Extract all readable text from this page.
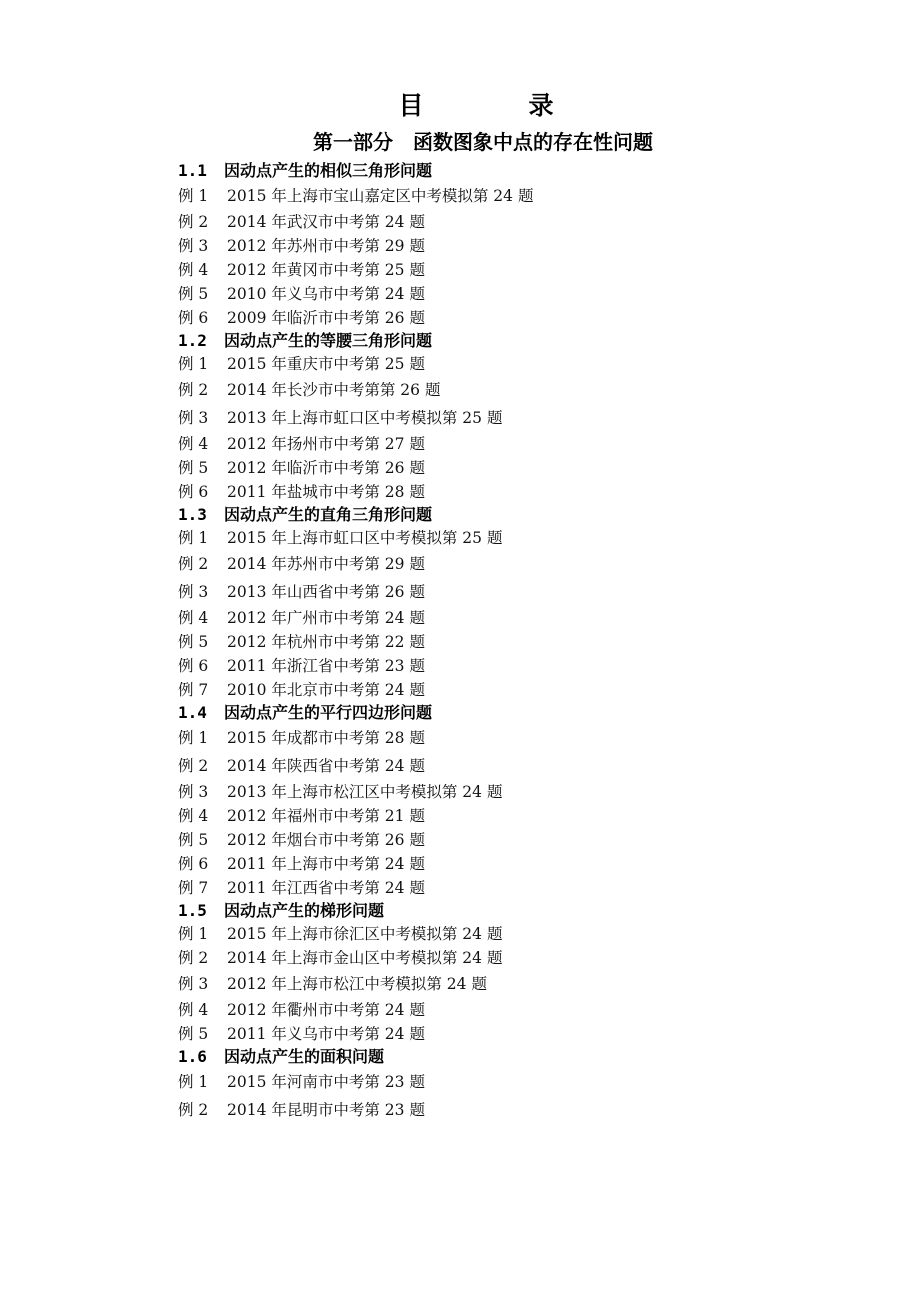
目　录
第一部分　函数图象中点的存在性问题
1.1 因动点产生的相似三角形问题
例 1 2015 年上海市宝山嘉定区中考模拟第 24 题
例 2 2014 年武汉市中考第 24 题
例 3 2012 年苏州市中考第 29 题
例 4 2012 年黄冈市中考第 25 题
例 5 2010 年义乌市中考第 24 题
例 6 2009 年临沂市中考第 26 题
1.2 因动点产生的等腰三角形问题
例 1 2015 年重庆市中考第 25 题
例 2 2014 年长沙市中考第第 26 题
例 3 2013 年上海市虹口区中考模拟第 25 题
例 4 2012 年扬州市中考第 27 题
例 5 2012 年临沂市中考第 26 题
例 6 2011 年盐城市中考第 28 题
1.3 因动点产生的直角三角形问题
例 1 2015 年上海市虹口区中考模拟第 25 题
例 2 2014 年苏州市中考第 29 题
例 3 2013 年山西省中考第 26 题
例 4 2012 年广州市中考第 24 题
例 5 2012 年杭州市中考第 22 题
例 6 2011 年浙江省中考第 23 题
例 7 2010 年北京市中考第 24 题
1.4 因动点产生的平行四边形问题
例 1 2015 年成都市中考第 28 题
例 2 2014 年陕西省中考第 24 题
例 3 2013 年上海市松江区中考模拟第 24 题
例 4 2012 年福州市中考第 21 题
例 5 2012 年烟台市中考第 26 题
例 6 2011 年上海市中考第 24 题
例 7 2011 年江西省中考第 24 题
1.5 因动点产生的梯形问题
例 1 2015 年上海市徐汇区中考模拟第 24 题
例 2 2014 年上海市金山区中考模拟第 24 题
例 3 2012 年上海市松江中考模拟第 24 题
例 4 2012 年衢州市中考第 24 题
例 5 2011 年义乌市中考第 24 题
1.6 因动点产生的面积问题
例 1 2015 年河南市中考第 23 题
例 2 2014 年昆明市中考第 23 题
